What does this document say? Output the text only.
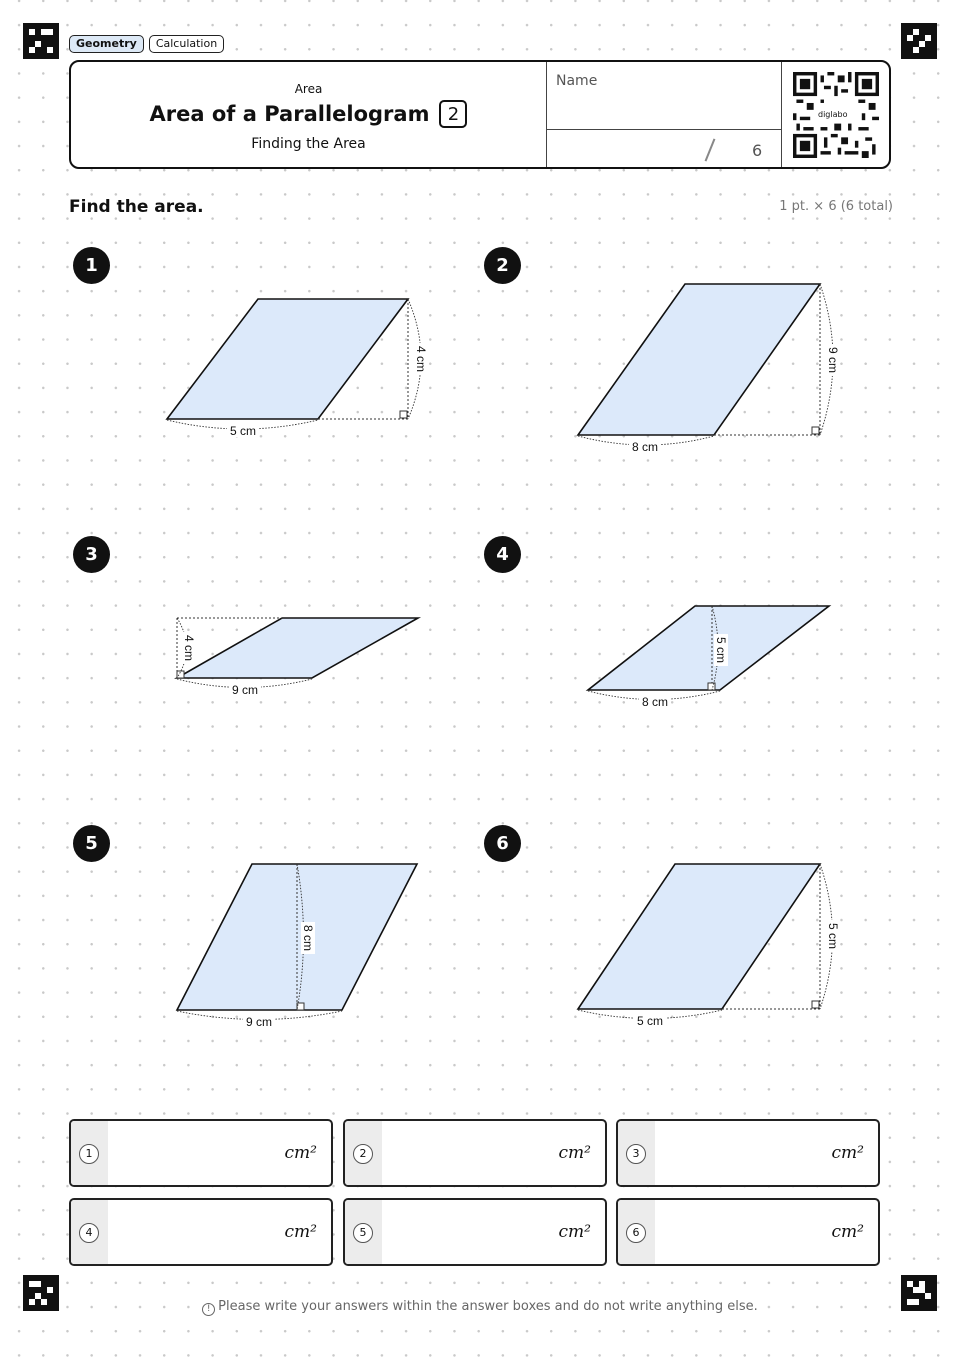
Geometry	Calculation
Area
Area of a Parallelogram	2
Finding the Area
Name
6
diglabo
Find the area.	1 pt. × 6 (6 total)
1	2
3	4
5	6
5 cm
4 cm
8 cm
9 cm
9 cm
4 cm
8 cm
5 cm
9 cm
8 cm
5 cm
5 cm
1	cm²	2	cm²	3	cm²
4	cm²	5	cm²	6	cm²
! Please write your answers within the answer boxes and do not write anything else.
